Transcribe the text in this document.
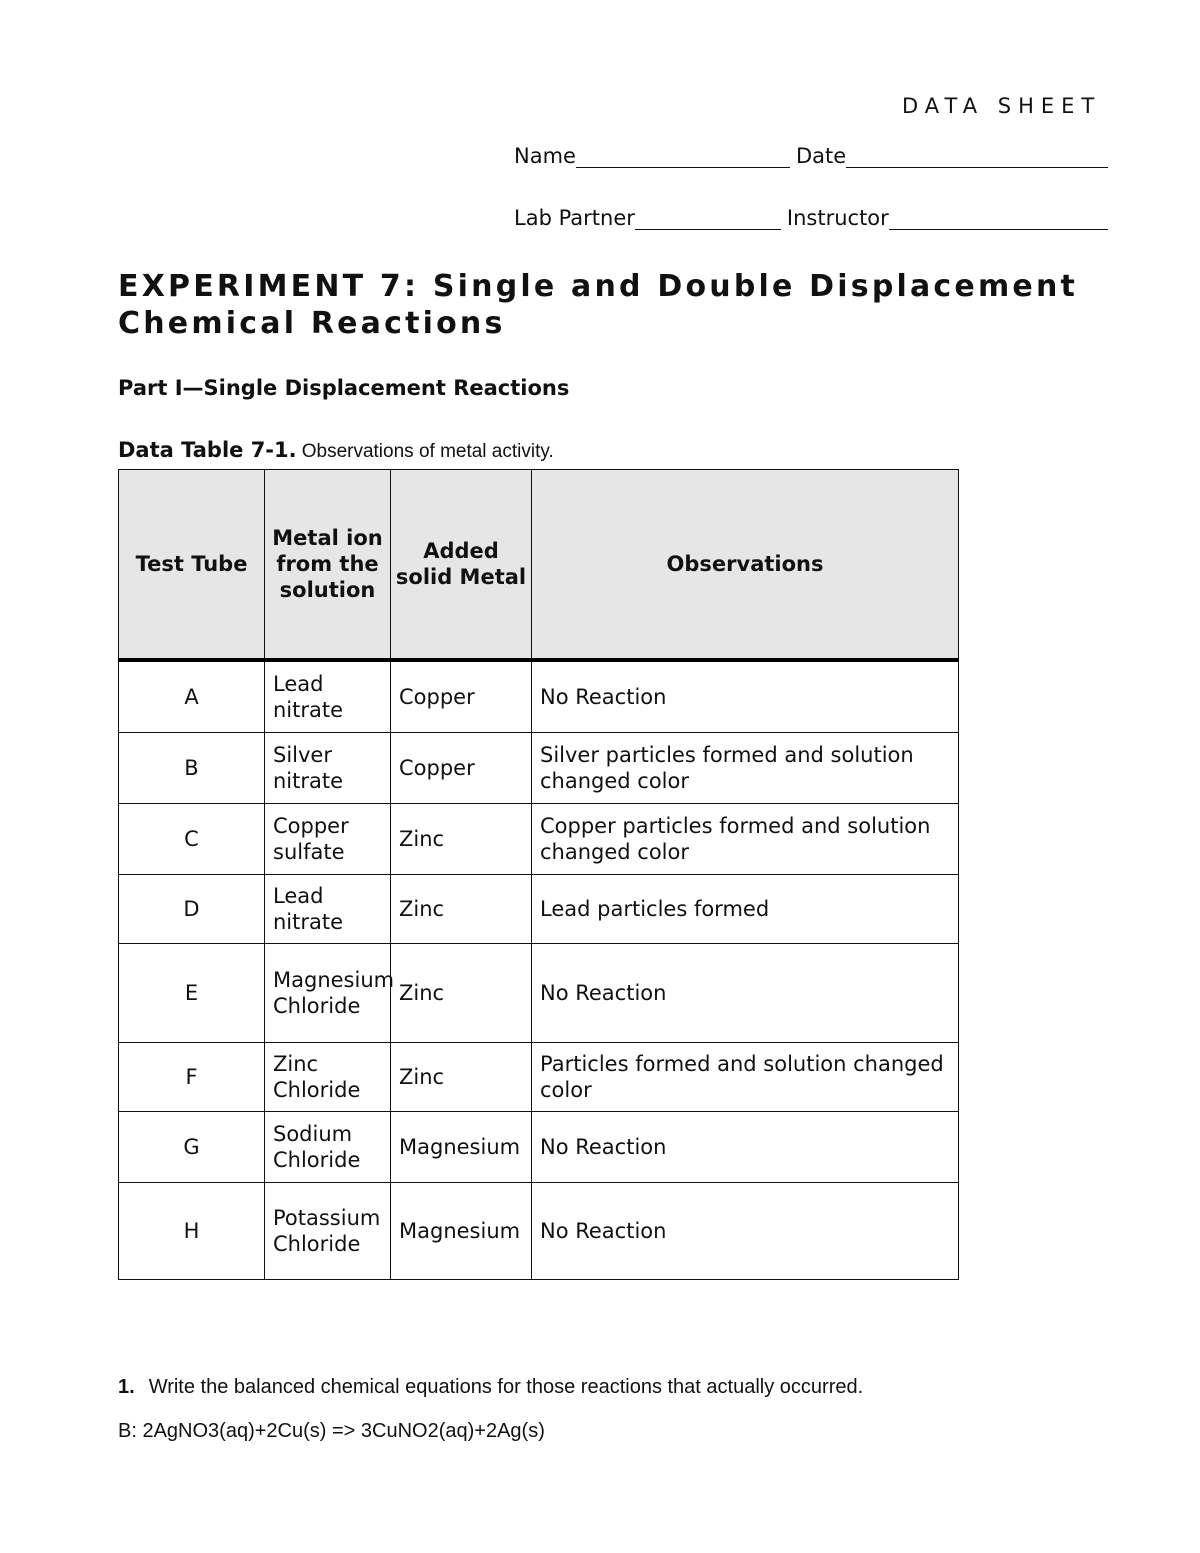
DATA SHEET
Name	Date
Lab Partner	Instructor
EXPERIMENT 7: Single and Double Displacement Chemical Reactions
Part I—Single Displacement Reactions
Data Table 7-1. Observations of metal activity.
Test Tube	Metal ion from the solution	Added solid Metal	Observations
A	Lead nitrate	Copper	No Reaction
B	Silver nitrate	Copper	Silver particles formed and solution changed color
C	Copper sulfate	Zinc	Copper particles formed and solution changed color
D	Lead nitrate	Zinc	Lead particles formed
E	Magnesium Chloride	Zinc	No Reaction
F	Zinc Chloride	Zinc	Particles formed and solution changed color
G	Sodium Chloride	Magnesium	No Reaction
H	Potassium Chloride	Magnesium	No Reaction
1. Write the balanced chemical equations for those reactions that actually occurred.
B: 2AgNO3(aq)+2Cu(s) => 3CuNO2(aq)+2Ag(s)
